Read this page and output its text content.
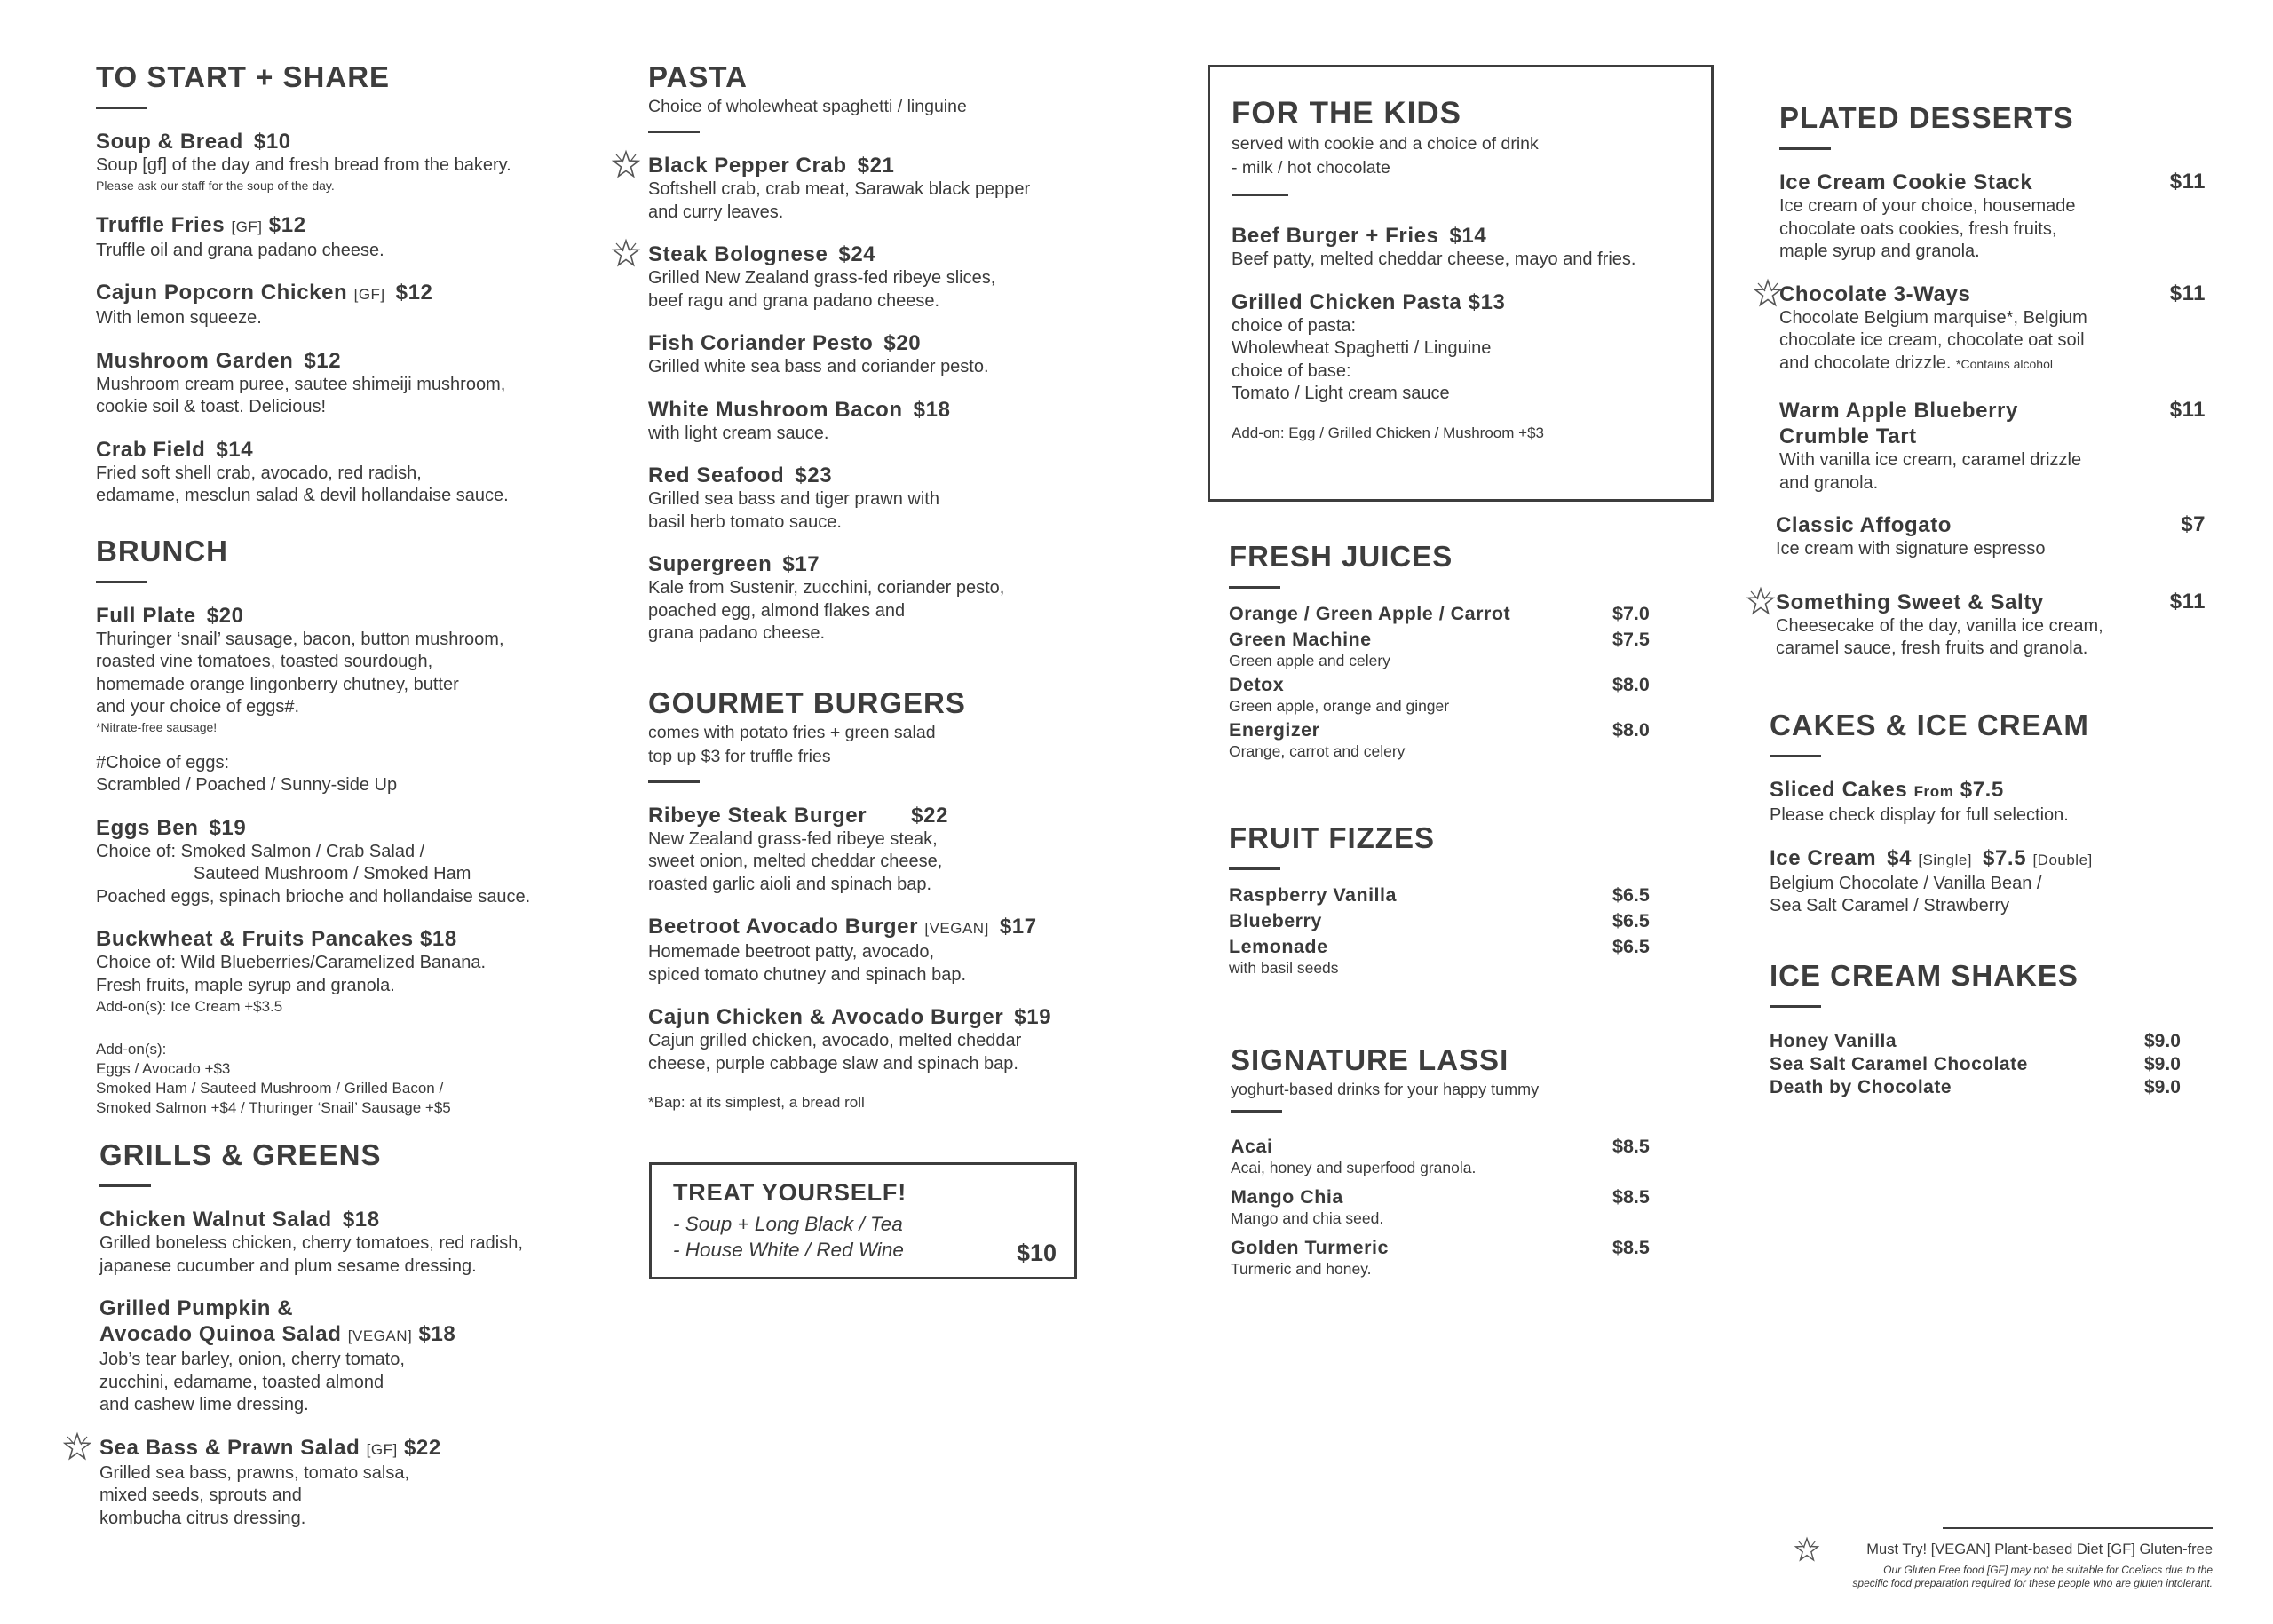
TO START + SHARE
Soup & Bread $10
Soup [gf] of the day and fresh bread from the bakery.
Please ask our staff for the soup of the day.
Truffle Fries [GF] $12
Truffle oil and grana padano cheese.
Cajun Popcorn Chicken [GF] $12
With lemon squeeze.
Mushroom Garden $12
Mushroom cream puree, sautee shimeiji mushroom,
cookie soil & toast. Delicious!
Crab Field $14
Fried soft shell crab, avocado, red radish,
edamame, mesclun salad & devil hollandaise sauce.
BRUNCH
Full Plate $20
Thuringer ‘snail’ sausage, bacon, button mushroom,
roasted vine tomatoes, toasted sourdough,
homemade orange lingonberry chutney, butter
and your choice of eggs#.
*Nitrate-free sausage!
#Choice of eggs:
Scrambled / Poached / Sunny-side Up
Eggs Ben $19
Choice of: Smoked Salmon / Crab Salad /
Sauteed Mushroom / Smoked Ham
Poached eggs, spinach brioche and hollandaise sauce.
Buckwheat & Fruits Pancakes $18
Choice of: Wild Blueberries/Caramelized Banana.
Fresh fruits, maple syrup and granola.
Add-on(s): Ice Cream +$3.5
Add-on(s):
Eggs / Avocado +$3
Smoked Ham / Sauteed Mushroom / Grilled Bacon /
Smoked Salmon +$4 / Thuringer ‘Snail’ Sausage +$5
GRILLS & GREENS
Chicken Walnut Salad $18
Grilled boneless chicken, cherry tomatoes, red radish,
japanese cucumber and plum sesame dressing.
Grilled Pumpkin &
Avocado Quinoa Salad [VEGAN] $18
Job’s tear barley, onion, cherry tomato,
zucchini, edamame, toasted almond
and cashew lime dressing.
Sea Bass & Prawn Salad [GF] $22
Grilled sea bass, prawns, tomato salsa,
mixed seeds, sprouts and
kombucha citrus dressing.
PASTA
Choice of wholewheat spaghetti / linguine
Black Pepper Crab $21
Softshell crab, crab meat, Sarawak black pepper
and curry leaves.
Steak Bolognese $24
Grilled New Zealand grass-fed ribeye slices,
beef ragu and grana padano cheese.
Fish Coriander Pesto $20
Grilled white sea bass and coriander pesto.
White Mushroom Bacon $18
with light cream sauce.
Red Seafood $23
Grilled sea bass and tiger prawn with
basil herb tomato sauce.
Supergreen $17
Kale from Sustenir, zucchini, coriander pesto,
poached egg, almond flakes and
grana padano cheese.
GOURMET BURGERS
comes with potato fries + green salad
top up $3 for truffle fries
Ribeye Steak Burger $22
New Zealand grass-fed ribeye steak,
sweet onion, melted cheddar cheese,
roasted garlic aioli and spinach bap.
Beetroot Avocado Burger [VEGAN] $17
Homemade beetroot patty, avocado,
spiced tomato chutney and spinach bap.
Cajun Chicken & Avocado Burger $19
Cajun grilled chicken, avocado, melted cheddar
cheese, purple cabbage slaw and spinach bap.
*Bap: at its simplest, a bread roll
TREAT YOURSELF!
- Soup + Long Black / Tea
- House White / Red Wine	$10
FOR THE KIDS
served with cookie and a choice of drink
- milk / hot chocolate
Beef Burger + Fries $14
Beef patty, melted cheddar cheese, mayo and fries.
Grilled Chicken Pasta $13
choice of pasta:
Wholewheat Spaghetti / Linguine
choice of base:
Tomato / Light cream sauce
Add-on: Egg / Grilled Chicken / Mushroom +$3
FRESH JUICES
Orange / Green Apple / Carrot	$7.0
Green Machine	$7.5
Green apple and celery
Detox	$8.0
Green apple, orange and ginger
Energizer	$8.0
Orange, carrot and celery
FRUIT FIZZES
Raspberry Vanilla	$6.5
Blueberry	$6.5
Lemonade	$6.5
with basil seeds
SIGNATURE LASSI
yoghurt-based drinks for your happy tummy
Acai	$8.5
Acai, honey and superfood granola.
Mango Chia	$8.5
Mango and chia seed.
Golden Turmeric	$8.5
Turmeric and honey.
PLATED DESSERTS
Ice Cream Cookie Stack	$11
Ice cream of your choice, housemade
chocolate oats cookies, fresh fruits,
maple syrup and granola.
Chocolate 3-Ways	$11
Chocolate Belgium marquise*, Belgium
chocolate ice cream, chocolate oat soil
and chocolate drizzle. *Contains alcohol
Warm Apple Blueberry
Crumble Tart
$11
With vanilla ice cream, caramel drizzle
and granola.
Classic Affogato	$7
Ice cream with signature espresso
Something Sweet & Salty	$11
Cheesecake of the day, vanilla ice cream,
caramel sauce, fresh fruits and granola.
CAKES & ICE CREAM
Sliced Cakes From $7.5
Please check display for full selection.
Ice Cream $4 [Single] $7.5 [Double]
Belgium Chocolate / Vanilla Bean /
Sea Salt Caramel / Strawberry
ICE CREAM SHAKES
Honey Vanilla	$9.0
Sea Salt Caramel Chocolate	$9.0
Death by Chocolate	$9.0
Must Try! [VEGAN] Plant-based Diet [GF] Gluten-free
Our Gluten Free food [GF] may not be suitable for Coeliacs due to the
specific food preparation required for these people who are gluten intolerant.
